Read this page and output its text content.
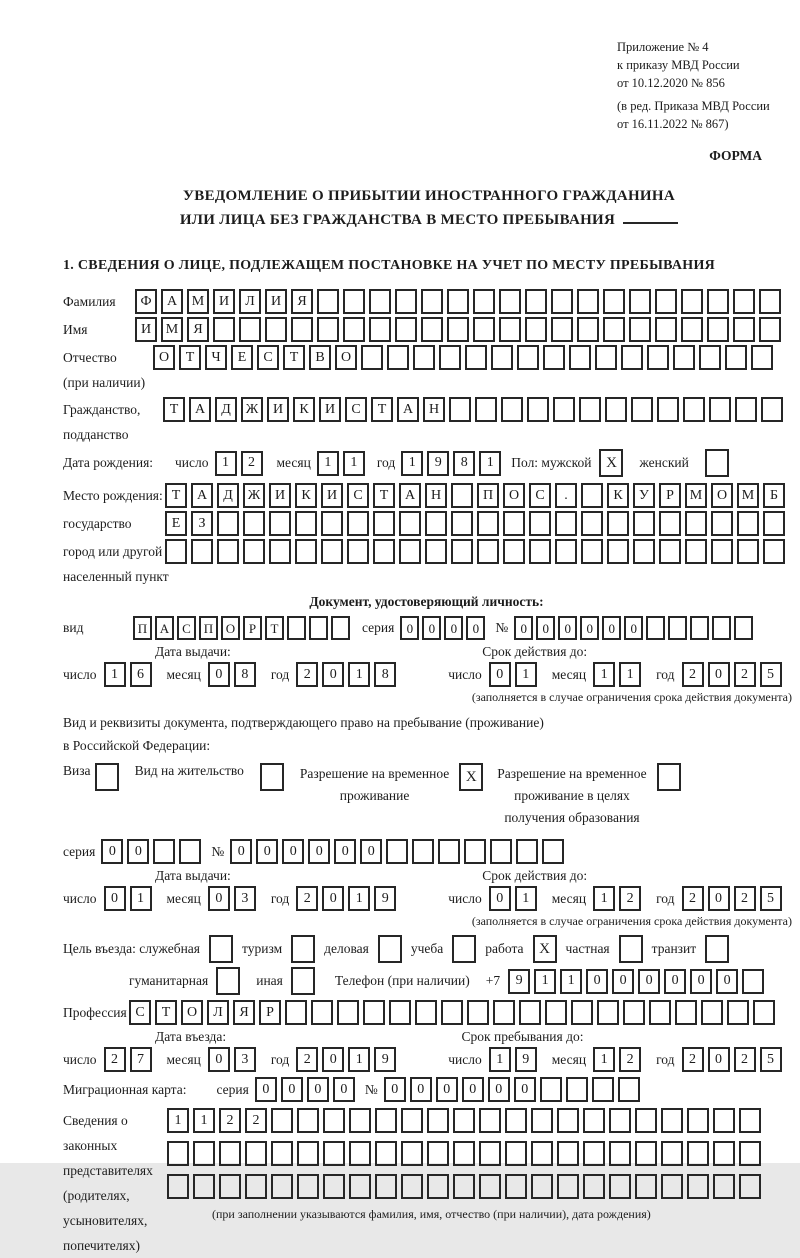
Приложение № 4
к приказу МВД России
от 10.12.2020 № 856
(в ред. Приказа МВД России
от 16.11.2022 № 867)
ФОРМА
УВЕДОМЛЕНИЕ О ПРИБЫТИИ ИНОСТРАННОГО ГРАЖДАНИНА
ИЛИ ЛИЦА БЕЗ ГРАЖДАНСТВА В МЕСТО ПРЕБЫВАНИЯ
1. СВЕДЕНИЯ О ЛИЦЕ, ПОДЛЕЖАЩЕМ ПОСТАНОВКЕ НА УЧЕТ ПО МЕСТУ ПРЕБЫВАНИЯ
Фамилия	Ф	А	М	И	Л	И	Я
Имя	И	М	Я
Отчество	О	Т	Ч	Е	С	Т	В	О
(при наличии)
Гражданство,	Т	А	Д	Ж	И	К	И	С	Т	А	Н
подданство
Дата рождения:	число 1	2	месяц 1	1	год 1	9	8	1	Пол: мужской X	женский
Место рождения: Т	А	Д	Ж	И	К	И	С	Т	А	Н	П	О	С	.	К	У	Р	М	О	М	Б
государство	Е	З
город или другой
населенный пункт
Документ, удостоверяющий личность:
вид	П А С П О	Р	Т	серия 0	0	0	0	№ 0	0	0	0	0	0
Дата выдачи:	Срок действия до:
число	1	6	месяц	0	8	год	2	0	1	8	число	0	1	месяц	1	1	год	2	0	2	5
(заполняется в случае ограничения срока действия документа)
Вид и реквизиты документа, подтверждающего право на пребывание (проживание)
в Российской Федерации:
Виза	Вид на жительство	Разрешение на временное
проживание
X	Разрешение на временное
проживание в целях
получения образования
серия 0	0	№ 0	0	0	0	0	0
Дата выдачи:	Срок действия до:
число	0	1	месяц	0	3	год	2	0	1	9	число	0	1	месяц	1	2	год	2	0	2	5
(заполняется в случае ограничения срока действия документа)
Цель въезда: служебная	туризм	деловая	учеба	работа	X	частная	транзит
гуманитарная	иная	Телефон (при наличии) +7	9	1	1	0	0	0	0	0	0
Профессия С	Т	О	Л	Я	Р
Дата въезда:	Срок пребывания до:
число	2	7	месяц	0	3	год	2	0	1	9	число	1	9	месяц	1	2	год	2	0	2	5
Миграционная карта: серия 0	0	0	0	№ 0	0	0	0	0	0
Сведения о
законных
представителях
(родителях,
усыновителях,
попечителях)
1	1	2	2
(при заполнении указываются фамилия, имя, отчество (при наличии), дата рождения)
